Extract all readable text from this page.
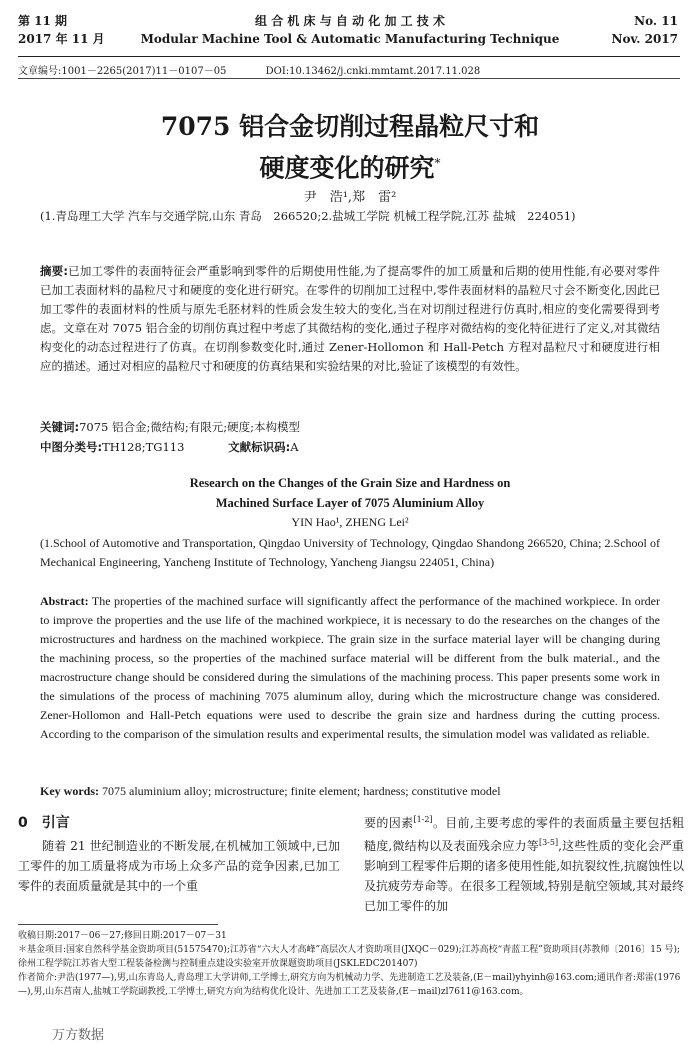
第 11 期
2017 年 11 月
组 合 机 床 与 自 动 化 加 工 技 术
Modular Machine Tool & Automatic Manufacturing Technique
No. 11
Nov. 2017
文章编号:1001－2265(2017)11－0107－05	DOI:10.13462/j.cnki.mmtamt.2017.11.028
7075 铝合金切削过程晶粒尺寸和
硬度变化的研究*
尹　浩¹,郑　雷²
(1.青岛理工大学 汽车与交通学院,山东 青岛　266520;2.盐城工学院 机械工程学院,江苏 盐城　224051)
摘要:已加工零件的表面特征会严重影响到零件的后期使用性能,为了提高零件的加工质量和后期的使用性能,有必要对零件已加工表面材料的晶粒尺寸和硬度的变化进行研究。在零件的切削加工过程中,零件表面材料的晶粒尺寸会不断变化,因此已加工零件的表面材料的性质与原先毛胚材料的性质会发生较大的变化,当在对切削过程进行仿真时,相应的变化需要得到考虑。文章在对 7075 铝合金的切削仿真过程中考虑了其微结构的变化,通过子程序对微结构的变化特征进行了定义,对其微结构变化的动态过程进行了仿真。在切削参数变化时,通过 Zener-Hollomon 和 Hall-Petch 方程对晶粒尺寸和硬度进行相应的描述。通过对相应的晶粒尺寸和硬度的仿真结果和实验结果的对比,验证了该模型的有效性。
关键词:7075 铝合金;微结构;有限元;硬度;本构模型
中图分类号:TH128;TG113	文献标识码:A
Research on the Changes of the Grain Size and Hardness on
Machined Surface Layer of 7075 Aluminium Alloy
YIN Hao¹, ZHENG Lei²
(1.School of Automotive and Transportation, Qingdao University of Technology, Qingdao Shandong 266520, China; 2.School of Mechanical Engineering, Yancheng Institute of Technology, Yancheng Jiangsu 224051, China)
Abstract: The properties of the machined surface will significantly affect the performance of the machined workpiece. In order to improve the properties and the use life of the machined workpiece, it is necessary to do the researches on the changes of the microstructures and hardness on the machined workpiece. The grain size in the surface material layer will be changing during the machining process, so the properties of the machined surface material will be different from the bulk material., and the macrostructure change should be considered during the simulations of the machining process. This paper presents some work in the simulations of the process of machining 7075 aluminum alloy, during which the microstructure change was considered. Zener-Hollomon and Hall-Petch equations were used to describe the grain size and hardness during the cutting process. According to the comparison of the simulation results and experimental results, the simulation model was validated as reliable.
Key words: 7075 aluminium alloy; microstructure; finite element; hardness; constitutive model
0 引言
随着 21 世纪制造业的不断发展,在机械加工领域中,已加工零件的加工质量将成为市场上众多产品的竞争因素,已加工零件的表面质量就是其中的一个重
要的因素[1-2]。目前,主要考虑的零件的表面质量主要包括粗糙度,微结构以及表面残余应力等[3-5],这些性质的变化会严重影响到工程零件后期的诸多使用性能,如抗裂纹性,抗腐蚀性以及抗疲劳寿命等。在很多工程领域,特别是航空领域,其对最终已加工零件的加
收稿日期:2017－06－27;修回日期:2017－07－31
＊基金项目:国家自然科学基金资助项目(51575470);江苏省“六大人才高峰”高层次人才资助项目(JXQC－029);江苏高校“青蓝工程”资助项目(苏教师〔2016〕15 号);徐州工程学院江苏省大型工程装备检测与控制重点建设实验室开放课题资助项目(JSKLEDC201407)
作者简介:尹浩(1977—),男,山东青岛人,青岛理工大学讲师,工学博士,研究方向为机械动力学、先进制造工艺及装备,(E－mail)yhyinh@163.com;通讯作者:郑雷(1976—),男,山东莒南人,盐城工学院副教授,工学博士,研究方向为结构优化设计、先进加工工艺及装备,(E－mail)zl7611@163.com。
万方数据
